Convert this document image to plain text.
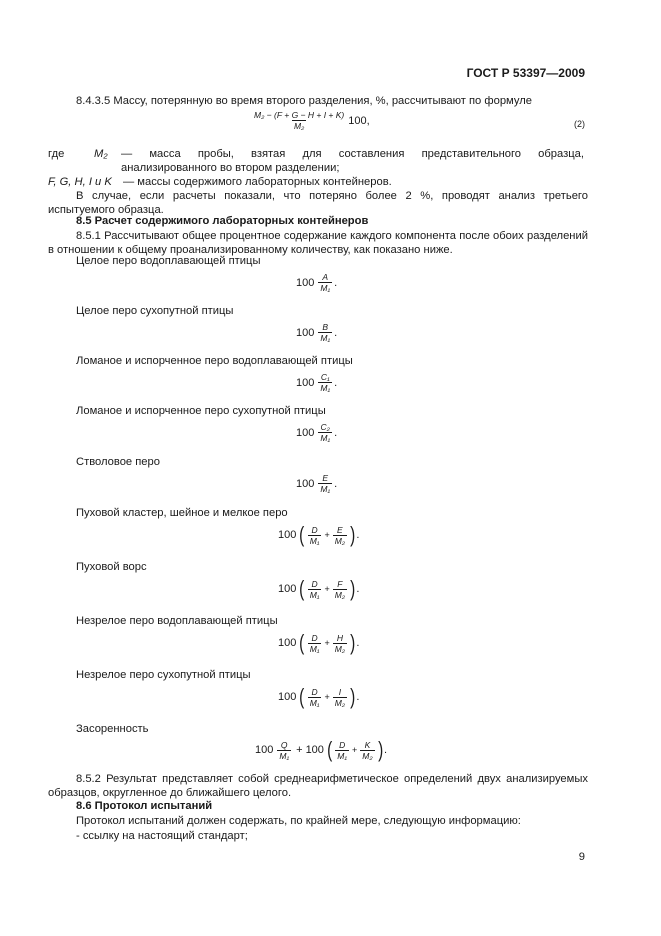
ГОСТ Р 53397—2009
8.4.3.5 Массу, потерянную во время второго разделения, %, рассчитывают по формуле
$\frac{\text{M₂ − (F + G − H + I + K)}}{\text{M₂}} 100$,	(2)
где	M₂ — масса пробы, взятая для составления представительного образца, анализированного во втором разделении;
F, G, H, I и K — массы содержимого лабораторных контейнеров.
В случае, если расчеты показали, что потеряно более 2 %, проводят анализ третьего испытуемого образца.
8.5 Расчет содержимого лабораторных контейнеров
8.5.1 Рассчитывают общее процентное содержание каждого компонента после обоих разделений в отношении к общему проанализированному количеству, как показано ниже.
Целое перо водоплавающей птицы
$100 \frac{A}{\text{M₁}}$ .
Целое перо сухопутной птицы
$100 \frac{B}{\text{M₁}}$ .
Ломаное и испорченное перо водоплавающей птицы
$100 \frac{\text{C₁}}{\text{M₁}}$ .
Ломаное и испорченное перо сухопутной птицы
$100 \frac{\text{C₂}}{\text{M₁}}$ .
Стволовое перо
$100 \frac{E}{\text{M₁}}$ .
Пуховой кластер, шейное и мелкое перо
100 ( $\frac{D}{\text{M₁}} + \frac{E}{\text{M₂}}$ ) .
Пуховой ворс
100 ( $\frac{D}{\text{M₁}} + \frac{F}{\text{M₂}}$ ) .
Незрелое перо водоплавающей птицы
100 ( $\frac{D}{\text{M₁}} + \frac{H}{\text{M₂}}$ ) .
Незрелое перо сухопутной птицы
100 ( $\frac{D}{\text{M₁}} + \frac{I}{\text{M₂}}$ ) .
Засоренность
$100 \frac{Q}{\text{M₁}} + 100$ ( $\frac{D}{\text{M₁}} + \frac{K}{\text{M₂}}$ ) .
8.5.2 Результат представляет собой среднеарифметическое определений двух анализируемых образцов, округленное до ближайшего целого.
8.6 Протокол испытаний
Протокол испытаний должен содержать, по крайней мере, следующую информацию:
- ссылку на настоящий стандарт;
9
